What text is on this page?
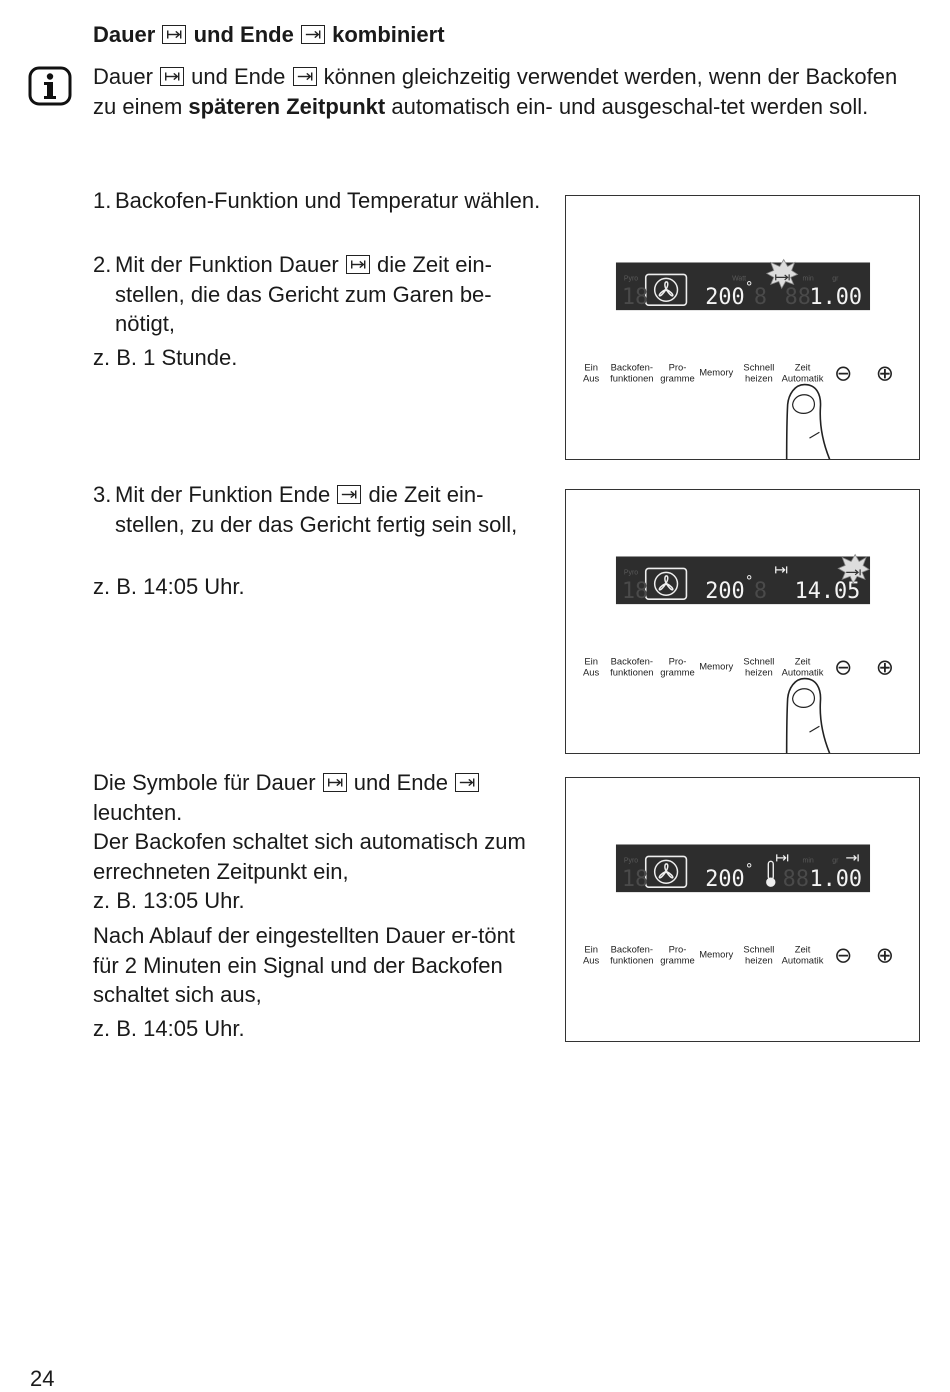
Dauer und Ende kombiniert
Dauer und Ende können gleichzeitig verwendet werden, wenn der Backofen zu einem späteren Zeitpunkt automatisch ein- und ausgeschal-tet werden soll.
1. Backofen-Funktion und Temperatur wählen.
2. Mit der Funktion Dauer die Zeit ein-stellen, die das Gericht zum Garen be-nötigt,
z. B. 1 Stunde.
3. Mit der Funktion Ende die Zeit ein-stellen, zu der das Gericht fertig sein soll,
z. B. 14:05 Uhr.
Die Symbole für Dauer und Ende
leuchten.
Der Backofen schaltet sich automatisch zum errechneten Zeitpunkt ein,
z. B. 13:05 Uhr.
Nach Ablauf der eingestellten Dauer er-tönt für 2 Minuten ein Signal und der Backofen schaltet sich aus,
z. B. 14:05 Uhr.
18
Pyro	Watt	min	gr
200 ° 8 88
1.00
Ein
Aus
Backofen-
funktionen
Pro-
gramme
Memory Schnell
heizen
Zeit
Automatik ⊖ ⊕
18
Pyro
200 ° 8 14.05
Ein
Aus
Backofen-
funktionen
Pro-
gramme
Memory Schnell
heizen
Zeit
Automatik ⊖ ⊕
18
Pyro	min	gr
200 ° 88 1.00
Ein
Aus
Backofen-
funktionen
Pro-
gramme
Memory Schnell
heizen
Zeit
Automatik ⊖ ⊕
24
